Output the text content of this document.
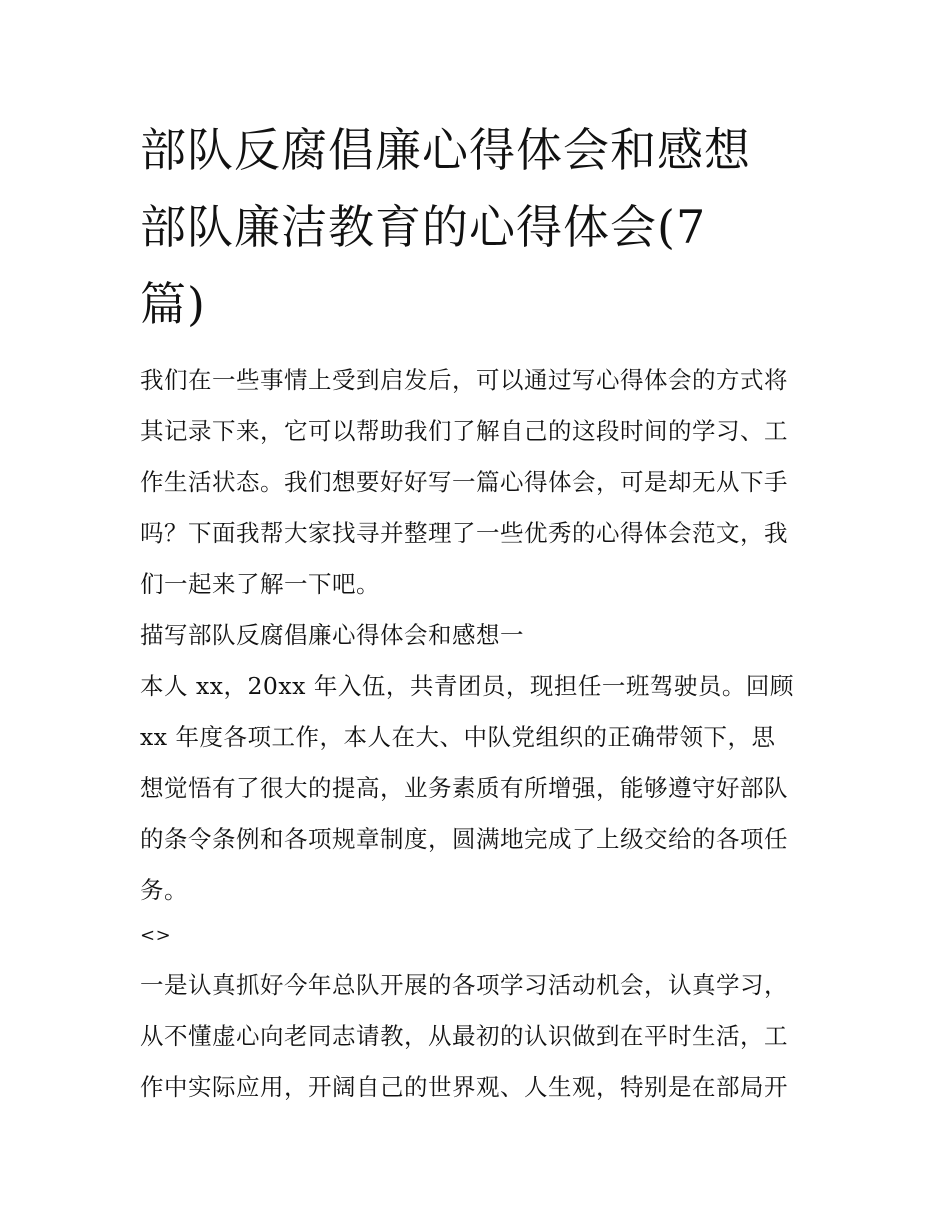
部队反腐倡廉心得体会和感想
部队廉洁教育的心得体会(7
篇)

我们在一些事情上受到启发后，可以通过写心得体会的方式将
其记录下来，它可以帮助我们了解自己的这段时间的学习、工
作生活状态。我们想要好好写一篇心得体会，可是却无从下手
吗？下面我帮大家找寻并整理了一些优秀的心得体会范文，我
们一起来了解一下吧。

描写部队反腐倡廉心得体会和感想一

本人 xx，20xx 年入伍，共青团员，现担任一班驾驶员。回顾
xx 年度各项工作，本人在大、中队党组织的正确带领下，思
想觉悟有了很大的提高，业务素质有所增强，能够遵守好部队
的条令条例和各项规章制度，圆满地完成了上级交给的各项任
务。

<>

一是认真抓好今年总队开展的各项学习活动机会，认真学习，
从不懂虚心向老同志请教，从最初的认识做到在平时生活，工
作中实际应用，开阔自己的世界观、人生观，特别是在部局开
